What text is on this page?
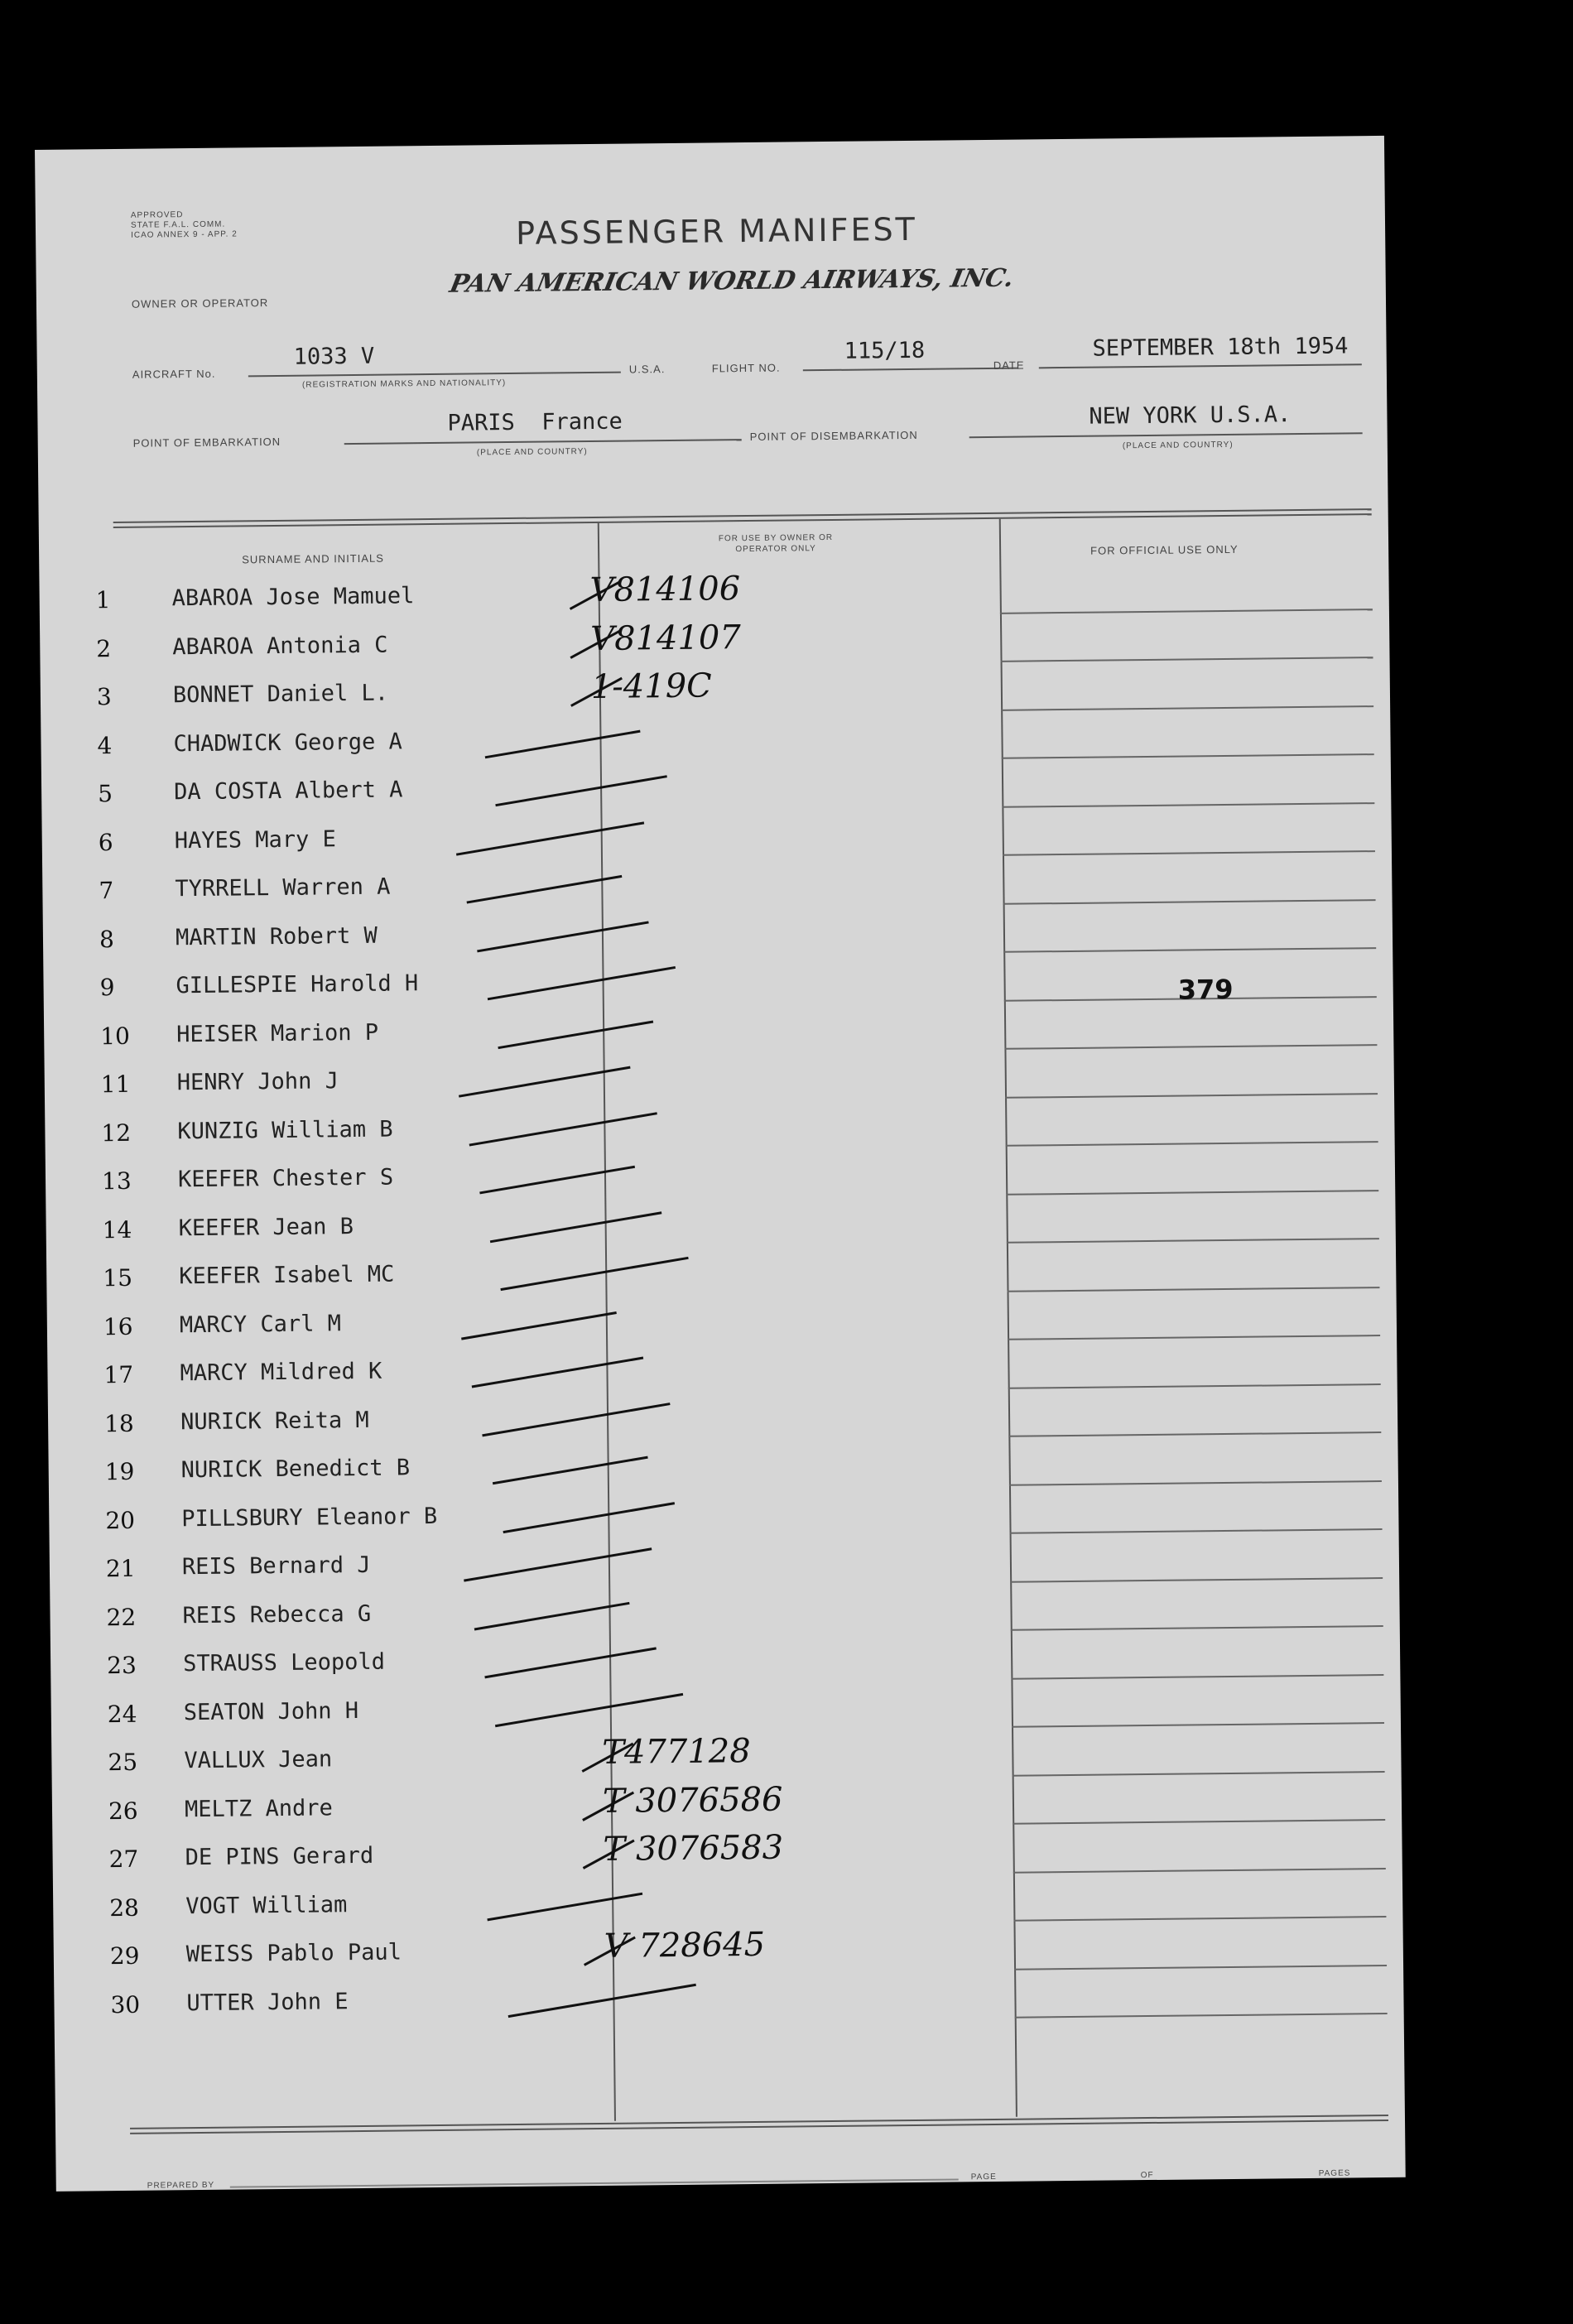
APPROVED
STATE F.A.L. COMM.
ICAO ANNEX 9 - APP. 2	PASSENGER MANIFEST
PAN AMERICAN WORLD AIRWAYS, INC.
OWNER OR OPERATOR
AIRCRAFT No.
1033 V
(REGISTRATION MARKS AND NATIONALITY)
U.S.A.	FLIGHT NO.
115/18
DATE
SEPTEMBER 18th 1954
POINT OF EMBARKATION
PARIS  France
(PLACE AND COUNTRY)
POINT OF DISEMBARKATION
NEW YORK U.S.A.
(PLACE AND COUNTRY)
SURNAME AND INITIALS
FOR USE BY OWNER OR OPERATOR ONLY	FOR OFFICIAL USE ONLY
1	ABAROA Jose Mamuel	V814106
2	ABAROA Antonia C	V814107
3	BONNET Daniel L.	1-419C
4	CHADWICK George A
5	DA COSTA Albert A
6	HAYES Mary E
7	TYRRELL Warren A
8	MARTIN Robert W
9	GILLESPIE Harold H
10 HEISER Marion P
11 HENRY John J
12 KUNZIG William B
13 KEEFER Chester S
14 KEEFER Jean B
15 KEEFER Isabel MC
16 MARCY Carl M
17 MARCY Mildred K
18 NURICK Reita M
19 NURICK Benedict B
20 PILLSBURY Eleanor B
21 REIS Bernard J
22 REIS Rebecca G
23 STRAUSS Leopold
24 SEATON John H
25 VALLUX Jean	T477128
26 MELTZ Andre	T 3076586
27 DE PINS Gerard	T 3076583
28 VOGT William
29 WEISS Pablo Paul	V 728645
30 UTTER John E
379
PREPARED BY
PAGE	OF	PAGES
